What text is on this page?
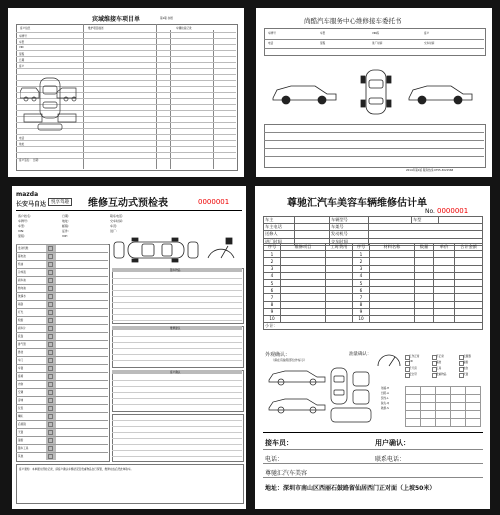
宾域维接车项目单	第1联 存根
客户信息	维护项目描述	车辆检查记录
车牌号
车型
VIN
里程
日期
客户
电话
地址
客户签名： 日期：
尚酷汽车服务中心维修接车委托书
车牌号	车型	VIN码	客户
电话	里程	进厂时间	交车时间
2014年第1版 服务热线:0755-3021568
mazda
长安马自达	悦享驾趣	维修互动式预检表	0000001
客户姓名：
车牌号：
车型：
VIN：
里程：
日期：
地址：
邮箱：
证件：
VIP：
联系电话：
交车时间：
车况：
进厂：
发动机舱
蓄电池
机油
冷却液
刹车油
转向油
玻璃水
雨刮
灯光
轮胎
刹车片
底盘
排气管
悬挂
车门
车窗
座椅
内饰
空调
音响
仪表
喇叭
后视镜
天窗
备胎
随车工具
其他
随车物品
维修建议
客户确认
客户须知：本单据为预检记录，请客户确认车辆状况及贵重物品自行保管，维修完成后凭此单取车。
尊驰汇汽车美容车辆维修估计单
No. 0000001
车主		车辆型号		车型	
车主电话		车架号			
送修人		发动机号			
进厂时间		交车时间			
序号	维修项目	工时费用	序号	材料名称	数量	单价	合计金额
1			1				
2			2				
3			3				
4			4				
5			5				
6			6				
7			7				
8			8				
9			9				
10			10				
小计：							
外观确认：
（请在有缺陷部位作标示）
油量确认：	工作正常	不正常	点烟器
CD	遥控	备胎
千斤顶	工具	电台
安全带	贵重物品	天窗
划痕-H
凹陷-A
裂纹-L
缺失-Q
破损-S
接车员：	用户确认：
电话：	联系电话：
尊驰汇汽车美容
地址：深圳市南山区西丽石鼓路留仙居西门正对面（上坡50米）
